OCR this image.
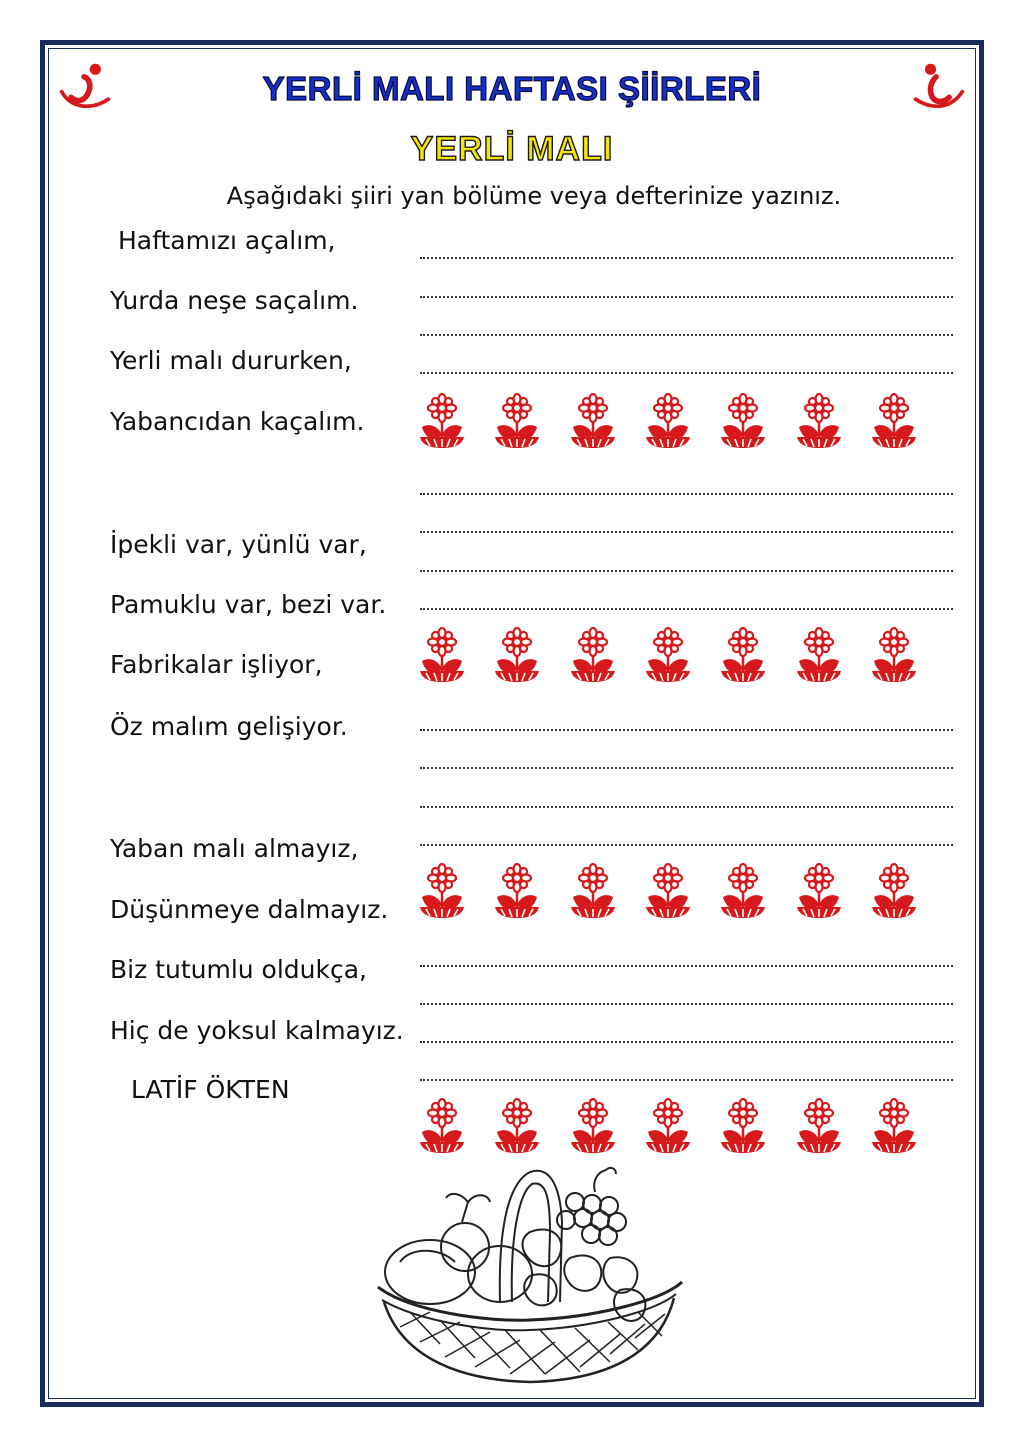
YERLİ MALI HAFTASI ŞİİRLERİ
YERLİ MALI
Aşağıdaki şiiri yan bölüme veya defterinize yazınız.
Haftamızı açalım,
Yurda neşe saçalım.
Yerli malı dururken,
Yabancıdan kaçalım.
İpekli var, yünlü var,
Pamuklu var, bezi var.
Fabrikalar işliyor,
Öz malım gelişiyor.
Yaban malı almayız,
Düşünmeye dalmayız.
Biz tutumlu oldukça,
Hiç de yoksul kalmayız.
LATİF ÖKTEN
